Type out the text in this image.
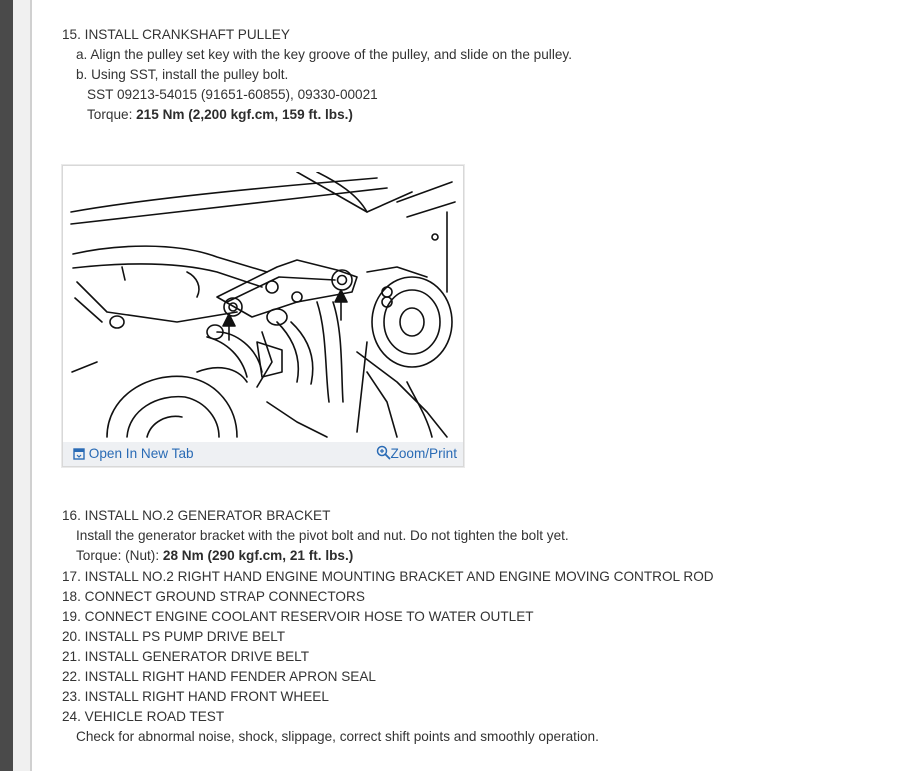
15. INSTALL CRANKSHAFT PULLEY
a. Align the pulley set key with the key groove of the pulley, and slide on the pulley.
b. Using SST, install the pulley bolt.
SST 09213-54015 (91651-60855), 09330-00021
Torque: 215 Nm (2,200 kgf.cm, 159 ft. lbs.)
Open In New Tab	Zoom/Print
16. INSTALL NO.2 GENERATOR BRACKET
Install the generator bracket with the pivot bolt and nut. Do not tighten the bolt yet.
Torque: (Nut): 28 Nm (290 kgf.cm, 21 ft. lbs.)
17. INSTALL NO.2 RIGHT HAND ENGINE MOUNTING BRACKET AND ENGINE MOVING CONTROL ROD
18. CONNECT GROUND STRAP CONNECTORS
19. CONNECT ENGINE COOLANT RESERVOIR HOSE TO WATER OUTLET
20. INSTALL PS PUMP DRIVE BELT
21. INSTALL GENERATOR DRIVE BELT
22. INSTALL RIGHT HAND FENDER APRON SEAL
23. INSTALL RIGHT HAND FRONT WHEEL
24. VEHICLE ROAD TEST
Check for abnormal noise, shock, slippage, correct shift points and smoothly operation.
